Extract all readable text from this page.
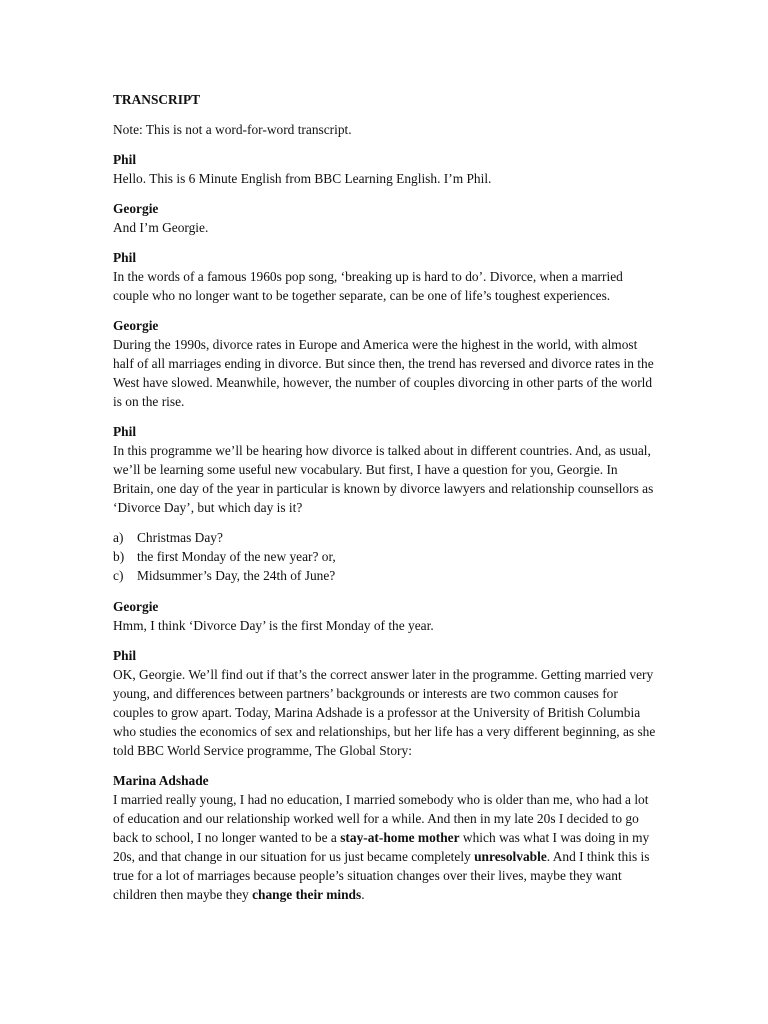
TRANSCRIPT
Note: This is not a word-for-word transcript.
Phil
Hello. This is 6 Minute English from BBC Learning English. I’m Phil.
Georgie
And I’m Georgie.
Phil
In the words of a famous 1960s pop song, ‘breaking up is hard to do’. Divorce, when a married couple who no longer want to be together separate, can be one of life’s toughest experiences.
Georgie
During the 1990s, divorce rates in Europe and America were the highest in the world, with almost half of all marriages ending in divorce. But since then, the trend has reversed and divorce rates in the West have slowed. Meanwhile, however, the number of couples divorcing in other parts of the world is on the rise.
Phil
In this programme we’ll be hearing how divorce is talked about in different countries. And, as usual, we’ll be learning some useful new vocabulary. But first, I have a question for you, Georgie. In Britain, one day of the year in particular is known by divorce lawyers and relationship counsellors as ‘Divorce Day’, but which day is it?
a)	Christmas Day?
b) the first Monday of the new year? or,
c)	Midsummer’s Day, the 24th of June?
Georgie
Hmm, I think ‘Divorce Day’ is the first Monday of the year.
Phil
OK, Georgie. We’ll find out if that’s the correct answer later in the programme. Getting married very young, and differences between partners’ backgrounds or interests are two common causes for couples to grow apart. Today, Marina Adshade is a professor at the University of British Columbia who studies the economics of sex and relationships, but her life has a very different beginning, as she told BBC World Service programme, The Global Story:
Marina Adshade
I married really young, I had no education, I married somebody who is older than me, who had a lot of education and our relationship worked well for a while. And then in my late 20s I decided to go back to school, I no longer wanted to be a stay-at-home mother which was what I was doing in my 20s, and that change in our situation for us just became completely unresolvable. And I think this is true for a lot of marriages because people’s situation changes over their lives, maybe they want children then maybe they change their minds.
